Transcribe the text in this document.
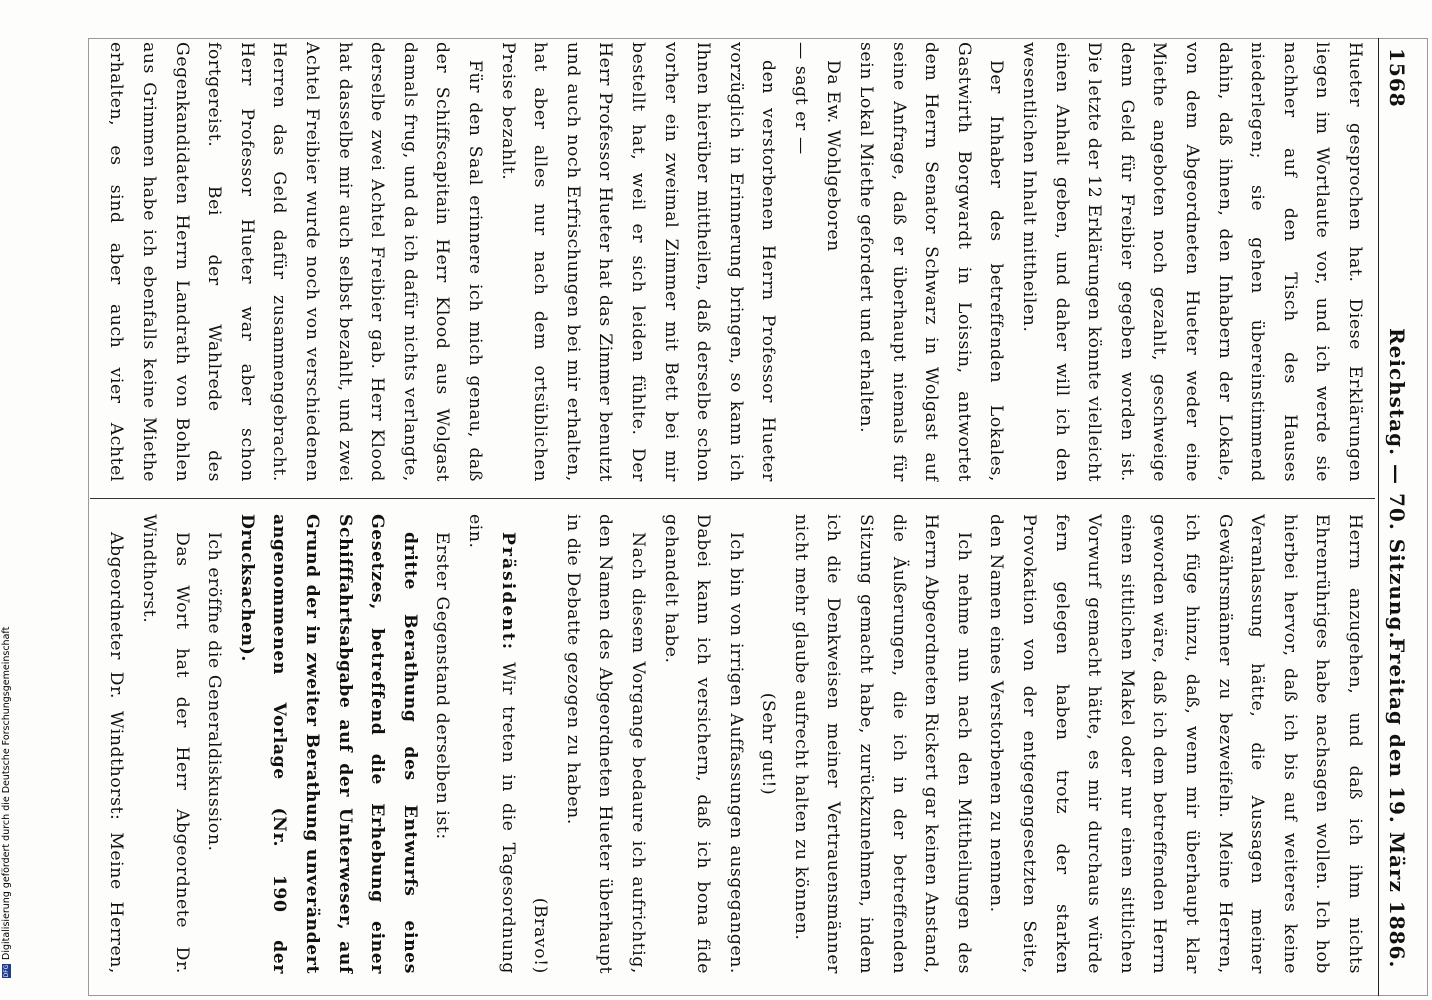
DFGDigitalisierung gefördert durch die Deutsche Forschungsgemeinschaft
1568
Reichstag. — 70. Sitzung.
Freitag den 19. März 1886.

Hueter gesprochen hat. Diese Erklärungen liegen im Wortlaute vor, und ich werde sie nachher auf den Tisch des Hauses niederlegen; sie gehen übereinstimmend dahin, daß ihnen, den Inhabern der Lokale, von dem Abgeordneten Hueter weder eine Miethe angeboten noch gezahlt, geschweige denn Geld für Freibier gegeben worden ist. Die letzte der 12 Erklärungen könnte vielleicht einen Anhalt geben, und daher will ich den wesentlichen Inhalt mittheilen.

Der Inhaber des betreffenden Lokales, Gastwirth Borgwardt in Loissin, antwortet dem Herrn Senator Schwarz in Wolgast auf seine Anfrage, daß er überhaupt niemals für sein Lokal Miethe gefordert und erhalten.

Da Ew. Wohlgeboren

— sagt er —

den verstorbenen Herrn Professor Hueter vorzüglich in Erinnerung bringen, so kann ich Ihnen hierüber mittheilen, daß derselbe schon vorher ein zweimal Zimmer mit Bett bei mir bestellt hat, weil er sich leiden fühlte. Der Herr Professor Hueter hat das Zimmer benutzt und auch noch Erfrischungen bei mir erhalten, hat aber alles nur nach dem ortsüblichen Preise bezahlt.

Für den Saal erinnere ich mich genau, daß der Schiffscapitain Herr Klood aus Wolgast damals frug, und da ich dafür nichts verlangte, derselbe zwei Achtel Freibier gab. Herr Klood hat dasselbe mir auch selbst bezahlt, und zwei Achtel Freibier wurde noch von verschiedenen Herren das Geld dafür zusammengebracht. Herr Professor Hueter war aber schon fortgereist. Bei der Wahlrede des Gegenkandidaten Herrn Landrath von Bohlen aus Grimmen habe ich ebenfalls keine Miethe erhalten, es sind aber auch vier Achtel

Herrn anzugehen, und daß ich ihm nichts Ehrenrühriges habe nachsagen wollen. Ich hob hierbei hervor, daß ich bis auf weiteres keine Veranlassung hätte, die Aussagen meiner Gewährsmänner zu bezweifeln. Meine Herren, ich füge hinzu, daß, wenn mir überhaupt klar geworden wäre, daß ich dem betreffenden Herrn einen sittlichen Makel oder nur einen sittlichen Vorwurf gemacht hätte, es mir durchaus würde fern gelegen haben trotz der starken Provokation von der entgegengesetzten Seite, den Namen eines Verstorbenen zu nennen.

Ich nehme nun nach den Mittheilungen des Herrn Abgeordneten Rickert gar keinen Anstand, die Äußerungen, die ich in der betreffenden Sitzung gemacht habe, zurückzunehmen, indem ich die Denkweisen meiner Vertrauensmänner nicht mehr glaube aufrecht halten zu können.

(Sehr gut!)

Ich bin von irrigen Auffassungen ausgegangen. Dabei kann ich versichern, daß ich bona fide gehandelt habe.

Nach diesem Vorgange bedaure ich aufrichtig, den Namen des Abgeordneten Hueter überhaupt in die Debatte gezogen zu haben.

(Bravo!)

Präsident: Wir treten in die Tagesordnung ein.

Erster Gegenstand derselben ist:

dritte Berathung des Entwurfs eines Gesetzes, betreffend die Erhebung einer Schifffahrtsabgabe auf der Unterweser, auf Grund der in zweiter Berathung unverändert angenommenen Vorlage (Nr. 190 der Drucksachen).

Ich eröffne die Generaldiskussion.

Das Wort hat der Herr Abgeordnete Dr. Windthorst.

Abgeordneter Dr. Windthorst: Meine Herren,
